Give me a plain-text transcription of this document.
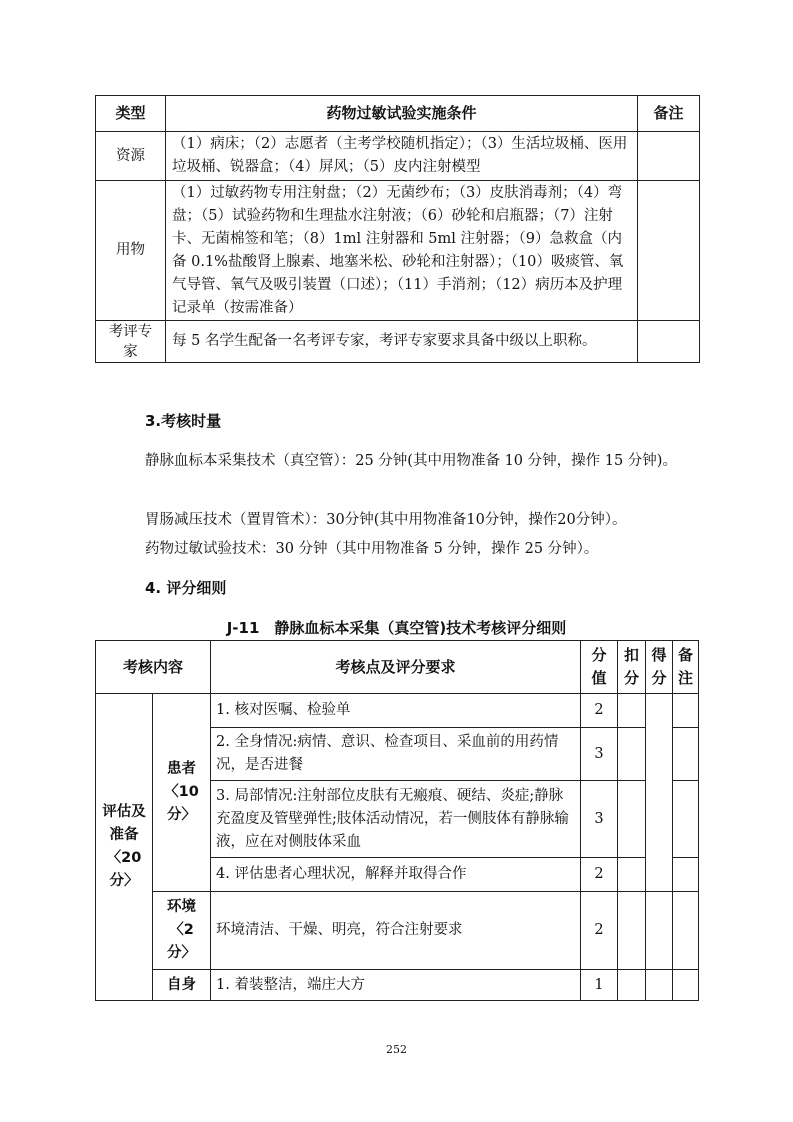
类型	药物过敏试验实施条件	备注
资源	（1）病床；（2）志愿者（主考学校随机指定）；（3）生活垃圾桶、医用垃圾桶、锐器盒；（4）屏风；（5）皮内注射模型	
用物	（1）过敏药物专用注射盘；（2）无菌纱布；（3）皮肤消毒剂；（4）弯盘；（5）试验药物和生理盐水注射液；（6）砂轮和启瓶器；（7）注射卡、无菌棉签和笔；（8）1ml 注射器和 5ml 注射器；（9）急救盒（内备 0.1%盐酸肾上腺素、地塞米松、砂轮和注射器）；（10）吸痰管、氧气导管、氧气及吸引装置（口述）；（11）手消剂；（12）病历本及护理记录单（按需准备）	
考评专家	每 5 名学生配备一名考评专家，考评专家要求具备中级以上职称。	
3.考核时量
静脉血标本采集技术（真空管）：25 分钟(其中用物准备 10 分钟，操作 15 分钟)。
胃肠减压技术（置胃管术）：30分钟(其中用物准备10分钟，操作20分钟）。
药物过敏试验技术：30 分钟（其中用物准备 5 分钟，操作 25 分钟）。
4. 评分细则
J-11　静脉血标本采集（真空管)技术考核评分细则
考核内容		考核点及评分要求	分值	扣分	得分	备注
评估及准备〈20 分〉	患者〈10 分〉	1. 核对医嘱、检验单	2			
		2. 全身情况:病情、意识、检查项目、采血前的用药情况，是否进餐	3			
		3. 局部情况:注射部位皮肤有无瘢痕、硬结、炎症;静脉充盈度及管壁弹性;肢体活动情况，若一侧肢体有静脉输液，应在对侧肢体采血	3			
		4. 评估患者心理状况，解释并取得合作	2			
	环境〈2 分〉	环境清洁、干燥、明亮，符合注射要求	2			
	自身	1. 着装整洁，端庄大方	1			
252
